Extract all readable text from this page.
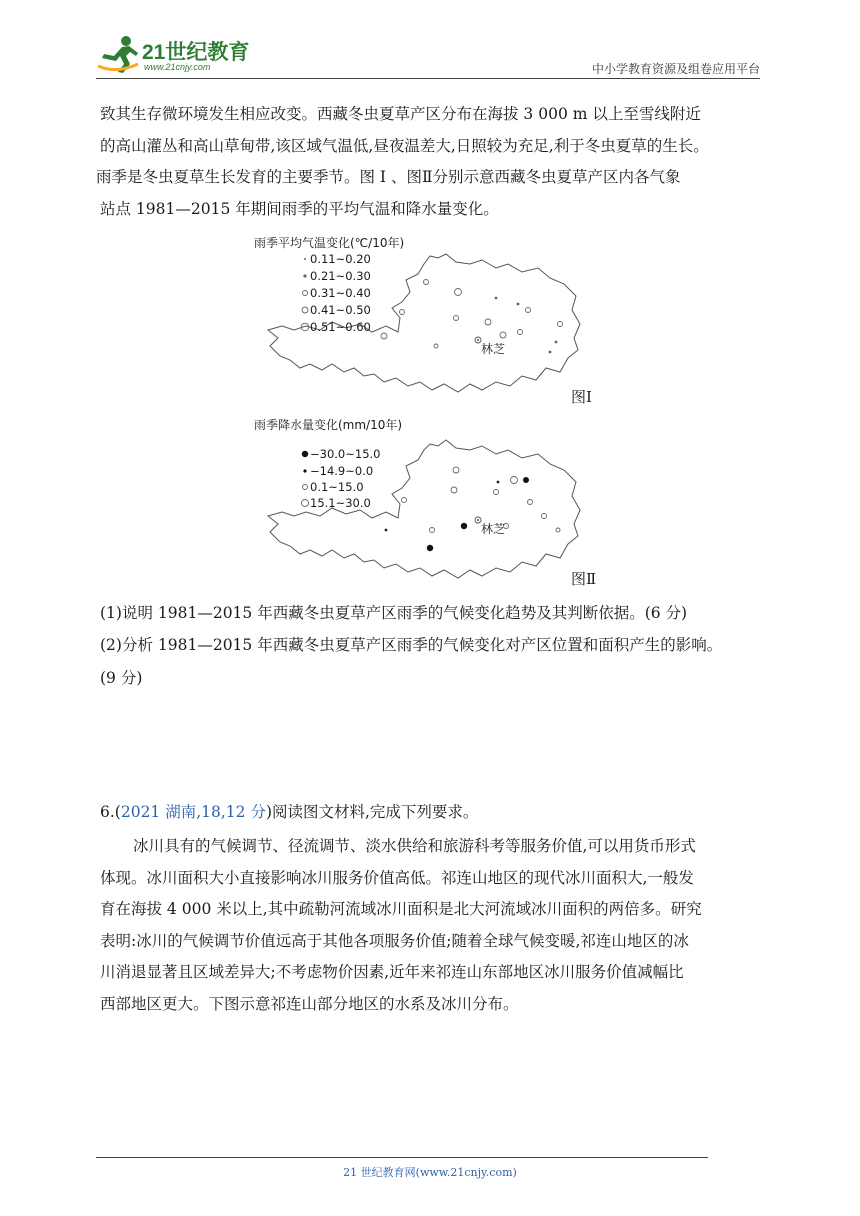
21世纪教育
www.21cnjy.com	中小学教育资源及组卷应用平台

致其生存微环境发生相应改变。西藏冬虫夏草产区分布在海拔 3 000 m 以上至雪线附近

的高山灌丛和高山草甸带,该区域气温低,昼夜温差大,日照较为充足,利于冬虫夏草的生长。

雨季是冬虫夏草生长发育的主要季节。图 Ⅰ 、图Ⅱ分别示意西藏冬虫夏草产区内各气象

站点 1981—2015 年期间雨季的平均气温和降水量变化。

雨季平均气温变化(℃/10年)
0.11~0.20
0.21~0.30
0.31~0.40
0.41~0.50
0.51~0.60
林芝
图Ⅰ
雨季降水量变化(mm/10年)
−30.0~15.0
−14.9~0.0
0.1~15.0
15.1~30.0
林芝
图Ⅱ
(1)说明 1981—2015 年西藏冬虫夏草产区雨季的气候变化趋势及其判断依据。(6 分)
(2)分析 1981—2015 年西藏冬虫夏草产区雨季的气候变化对产区位置和面积产生的影响。
(9 分)
6.(2021 湖南,18,12 分)阅读图文材料,完成下列要求。

冰川具有的气候调节、径流调节、淡水供给和旅游科考等服务价值,可以用货币形式

体现。冰川面积大小直接影响冰川服务价值高低。祁连山地区的现代冰川面积大,一般发

育在海拔 4 000 米以上,其中疏勒河流域冰川面积是北大河流域冰川面积的两倍多。研究

表明:冰川的气候调节价值远高于其他各项服务价值;随着全球气候变暖,祁连山地区的冰

川消退显著且区域差异大;不考虑物价因素,近年来祁连山东部地区冰川服务价值减幅比

西部地区更大。下图示意祁连山部分地区的水系及冰川分布。

21 世纪教育网(www.21cnjy.com)
